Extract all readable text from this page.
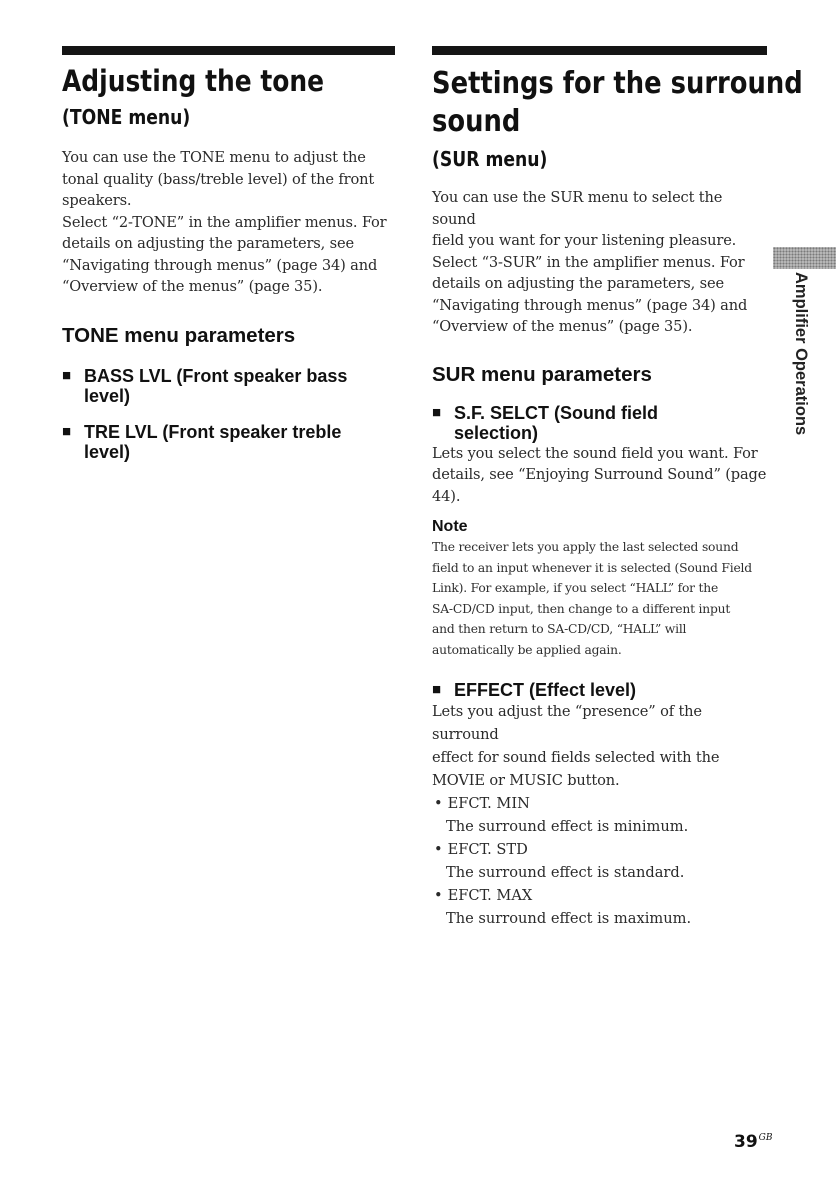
Adjusting the tone
(TONE menu)

You can use the TONE menu to adjust the
tonal quality (bass/treble level) of the front
speakers.
Select “2-TONE” in the amplifier menus. For
details on adjusting the parameters, see
“Navigating through menus” (page 34) and
“Overview of the menus” (page 35).

TONE menu parameters
■ BASS LVL (Front speaker bass
level)
■ TRE LVL (Front speaker treble
level)
Settings for the surround
sound
(SUR menu)

You can use the SUR menu to select the sound
field you want for your listening pleasure.
Select “3-SUR” in the amplifier menus. For
details on adjusting the parameters, see
“Navigating through menus” (page 34) and
“Overview of the menus” (page 35).

SUR menu parameters
■ S.F. SELCT (Sound field
selection)

Lets you select the sound field you want. For
details, see “Enjoying Surround Sound” (page
44).

Note

The receiver lets you apply the last selected sound
field to an input whenever it is selected (Sound Field
Link). For example, if you select “HALL” for the
SA-CD/CD input, then change to a different input
and then return to SA-CD/CD, “HALL” will
automatically be applied again.

■ EFFECT (Effect level)

Lets you adjust the “presence” of the surround
effect for sound fields selected with the
MOVIE or MUSIC button.

• EFCT. MIN
The surround effect is minimum.
• EFCT. STD
The surround effect is standard.
• EFCT. MAX
The surround effect is maximum.
Amplifier Operations
$39^{GB}$
